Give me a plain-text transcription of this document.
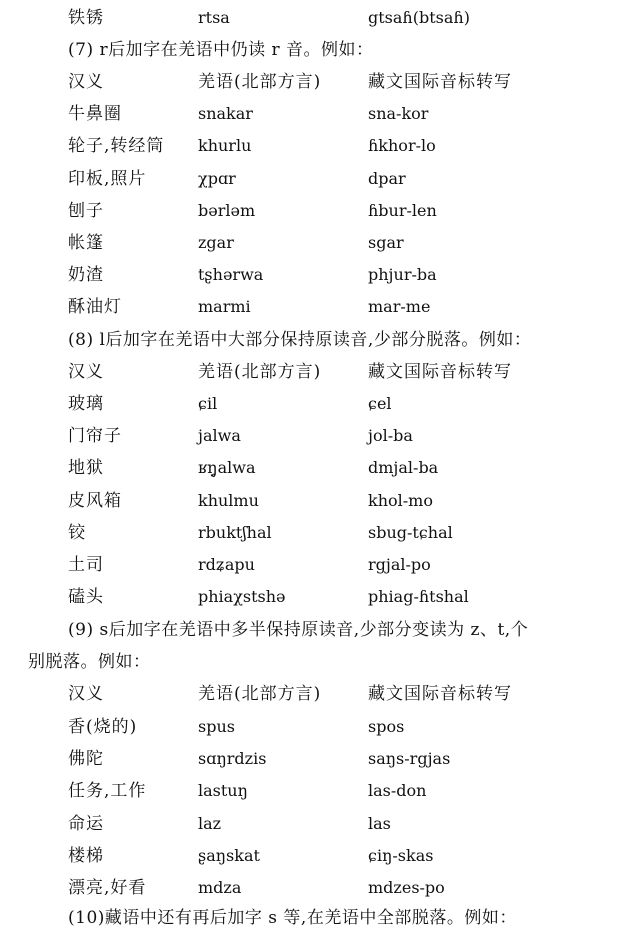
铁锈	rtsa	gtsaɦ(btsaɦ)
(7) r后加字在羌语中仍读 r 音。例如：
汉义	羌语(北部方言)	藏文国际音标转写
牛鼻圈	snakar	sna-kor
轮子,转经筒 khurlu	ɦkhor-lo
印板,照片	χpɑr	dpar
刨子	bərləm	ɦbur-len
帐篷	zgar	sgar
奶渣	tʂhərwa	phjur-ba
酥油灯	marmi	mar-me
(8) l后加字在羌语中大部分保持原读音,少部分脱落。例如：
汉义	羌语(北部方言)	藏文国际音标转写
玻璃	ɕil	ɕel
门帘子	jalwa	jol-ba
地狱	ʁŋ̥alwa	dmjal-ba
皮风箱	khulmu	khol-mo
铰	rbuktʃhal	sbug-tɕhal
土司	rdʑapu	rgjal-po
磕头	phiaχstshə	phiag-ɦtshal
(9) s后加字在羌语中多半保持原读音,少部分变读为 z、t,个
别脱落。例如：
汉义	羌语(北部方言)	藏文国际音标转写
香(烧的)	spus	spos
佛陀	sɑŋrdzis	saŋs-rgjas
任务,工作	lastuŋ	las-don
命运	laz	las
楼梯	ʂaŋskat	ɕiŋ-skas
漂亮,好看	mdza	mdzes-po
(10)藏语中还有再后加字 s 等,在羌语中全部脱落。例如：
